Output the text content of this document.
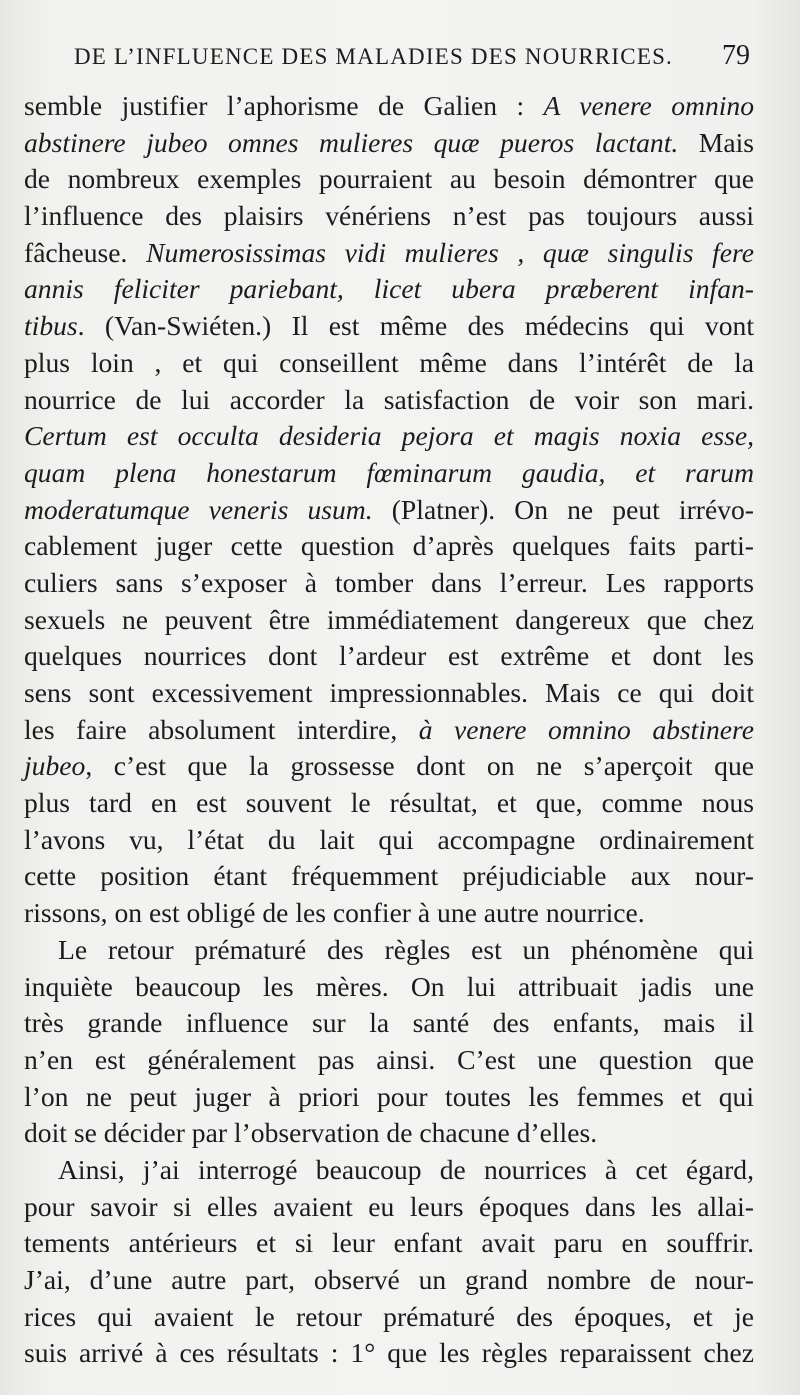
DE L’INFLUENCE DES MALADIES DES NOURRICES. 79
semble justifier l’aphorisme de Galien : A venere omnino
abstinere jubeo omnes mulieres quæ pueros lactant. Mais
de nombreux exemples pourraient au besoin démontrer que
l’influence des plaisirs vénériens n’est pas toujours aussi
fâcheuse. Numerosissimas vidi mulieres , quæ singulis fere
annis feliciter pariebant, licet ubera præberent infan-
tibus. (Van-Swiéten.) Il est même des médecins qui vont
plus loin , et qui conseillent même dans l’intérêt de la
nourrice de lui accorder la satisfaction de voir son mari.
Certum est occulta desideria pejora et magis noxia esse,
quam plena honestarum fœminarum gaudia, et rarum
moderatumque veneris usum. (Platner). On ne peut irrévo-
cablement juger cette question d’après quelques faits parti-
culiers sans s’exposer à tomber dans l’erreur. Les rapports
sexuels ne peuvent être immédiatement dangereux que chez
quelques nourrices dont l’ardeur est extrême et dont les
sens sont excessivement impressionnables. Mais ce qui doit
les faire absolument interdire, à venere omnino abstinere
jubeo, c’est que la grossesse dont on ne s’aperçoit que
plus tard en est souvent le résultat, et que, comme nous
l’avons vu, l’état du lait qui accompagne ordinairement
cette position étant fréquemment préjudiciable aux nour-
rissons, on est obligé de les confier à une autre nourrice.
Le retour prématuré des règles est un phénomène qui
inquiète beaucoup les mères. On lui attribuait jadis une
très grande influence sur la santé des enfants, mais il
n’en est généralement pas ainsi. C’est une question que
l’on ne peut juger à priori pour toutes les femmes et qui
doit se décider par l’observation de chacune d’elles.
Ainsi, j’ai interrogé beaucoup de nourrices à cet égard,
pour savoir si elles avaient eu leurs époques dans les allai-
tements antérieurs et si leur enfant avait paru en souffrir.
J’ai, d’une autre part, observé un grand nombre de nour-
rices qui avaient le retour prématuré des époques, et je
suis arrivé à ces résultats : 1° que les règles reparaissent chez
